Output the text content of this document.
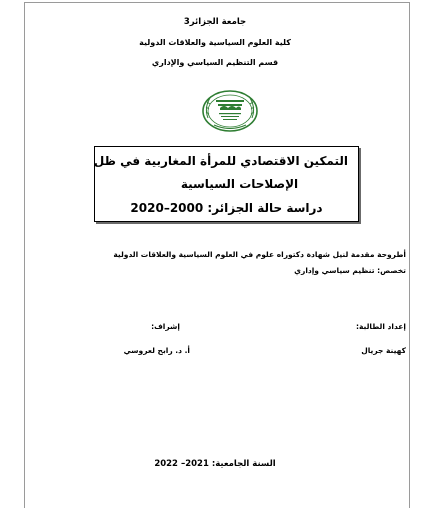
جامعة الجزائر3
كلية العلوم السياسية والعلاقات الدولية
قسم التنظيم السياسي والإداري
التمكين الاقتصادي للمرأة المغاربية في ظل
الإصلاحات السياسية
دراسة حالة الجزائر: 2000–2020
أطروحة مقدمة لنيل شهادة دكتوراه علوم في العلوم السياسية والعلاقات الدولية
تخصص: تنظيم سياسي وإداري
إعداد الطالبة:
إشراف:
كهينة جريال
أ. د. رابح لعروسي
السنة الجامعية: 2021– 2022
